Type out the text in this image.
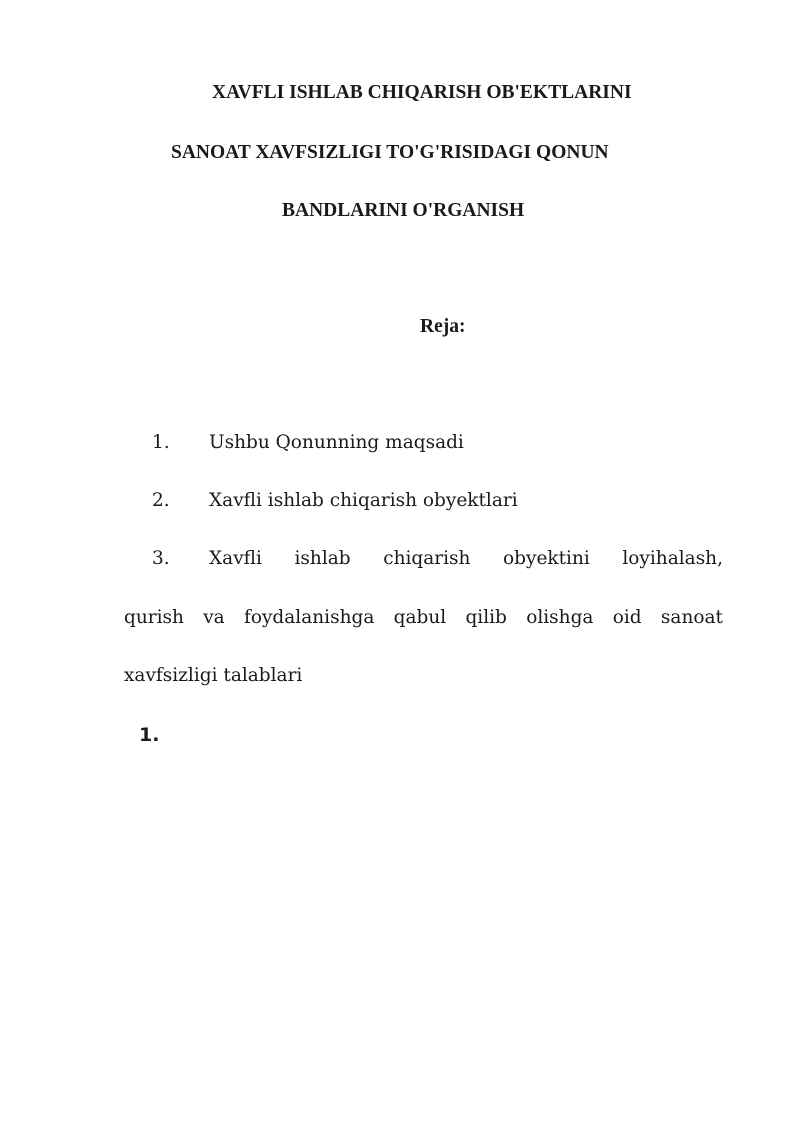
XAVFLI ISHLAB CHIQARISH OB'EKTLARINI
SANOAT XAVFSIZLIGI TO'G'RISIDAGI QONUN
BANDLARINI O'RGANISH
Reja:
1. Ushbu Qonunning maqsadi
2. Xavfli ishlab chiqarish obyektlari
3. Xavfli ishlab chiqarish obyektini loyihalash,
qurish va foydalanishga qabul qilib olishga oid sanoat
xavfsizligi talablari
1.
